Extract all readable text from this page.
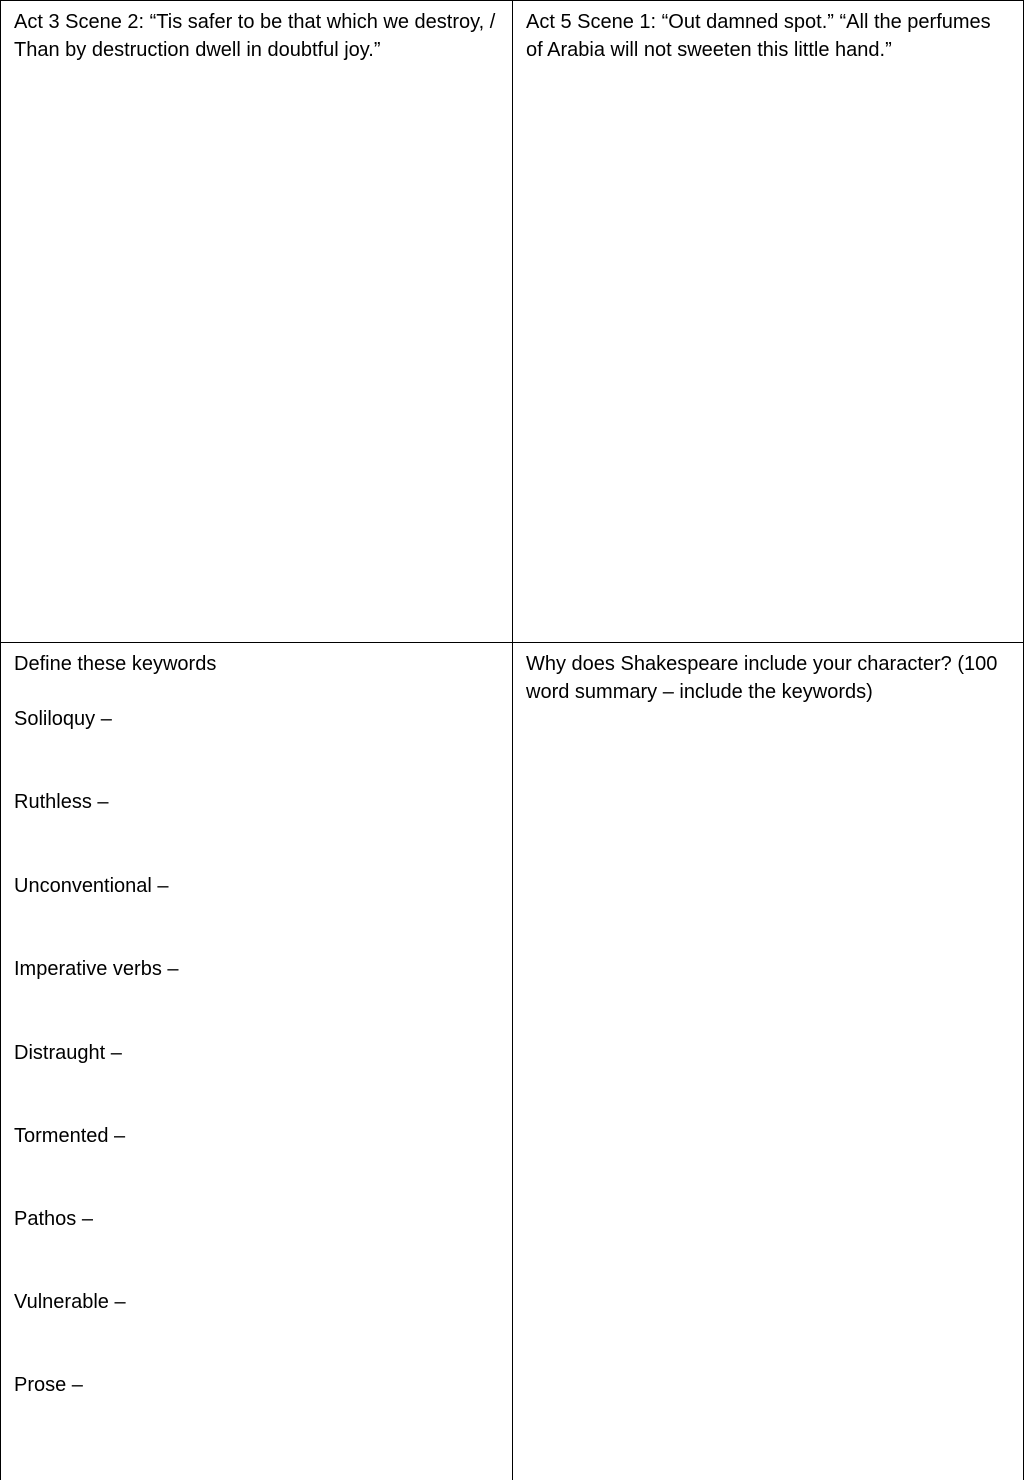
Act 3 Scene 2: “Tis safer to be that which we destroy, / Than by destruction dwell in doubtful joy.”

Act 5 Scene 1: “Out damned spot.” “All the perfumes of Arabia will not sweeten this little hand.”

Define these keywords

Soliloquy –
Ruthless –
Unconventional –
Imperative verbs –
Distraught –
Tormented –
Pathos –
Vulnerable –
Prose –

Why does Shakespeare include your character? (100 word summary – include the keywords)
